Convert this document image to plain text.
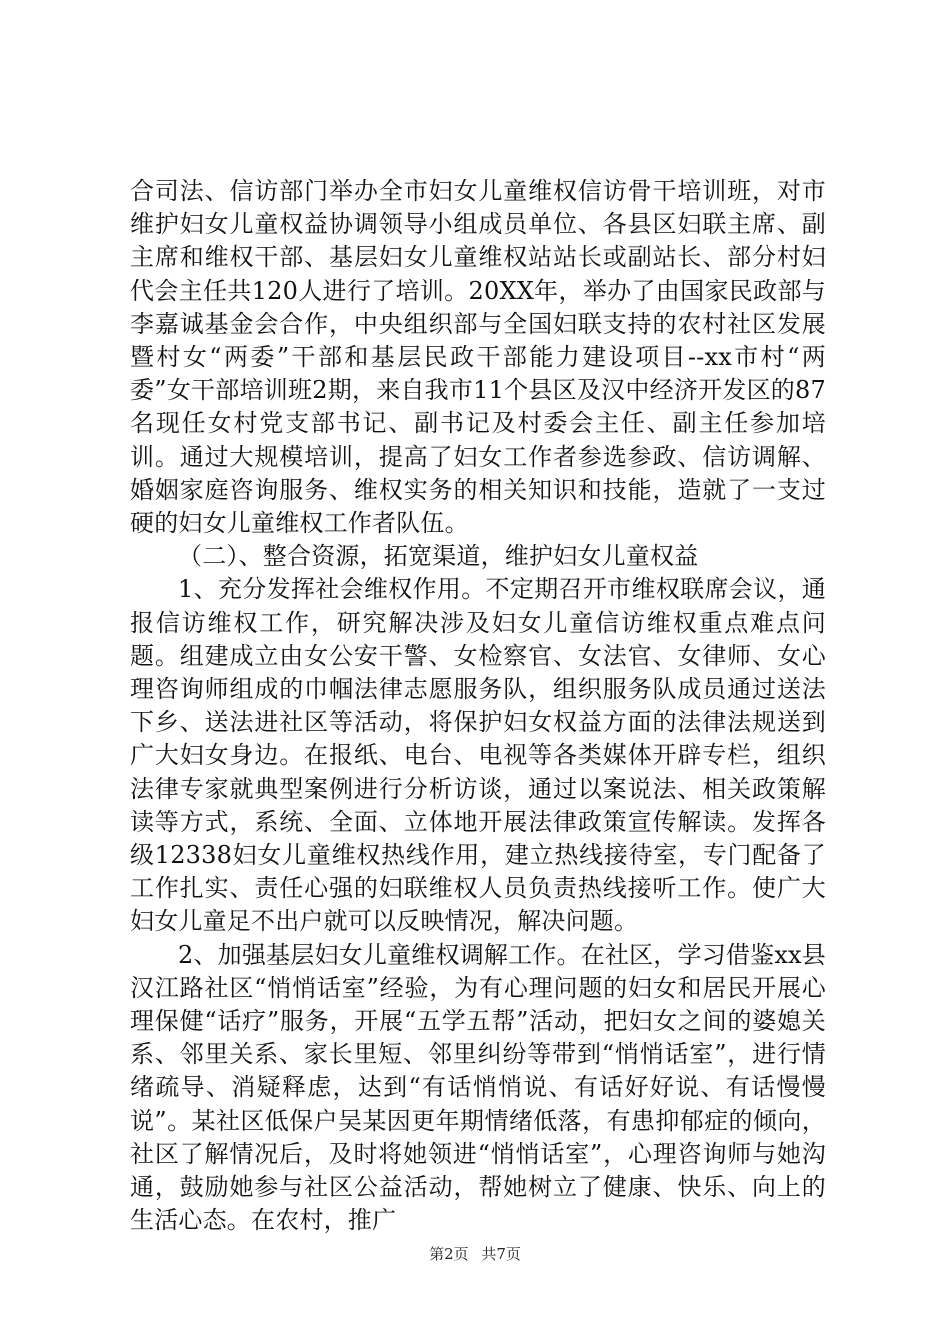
合司法、信访部门举办全市妇女儿童维权信访骨干培训班，对市维护妇女儿童权益协调领导小组成员单位、各县区妇联主席、副主席和维权干部、基层妇女儿童维权站站长或副站长、部分村妇代会主任共120人进行了培训。20XX年，举办了由国家民政部与李嘉诚基金会合作，中央组织部与全国妇联支持的农村社区发展暨村女“两委”干部和基层民政干部能力建设项目--xx市村“两委”女干部培训班2期，来自我市11个县区及汉中经济开发区的87名现任女村党支部书记、副书记及村委会主任、副主任参加培训。通过大规模培训，提高了妇女工作者参选参政、信访调解、婚姻家庭咨询服务、维权实务的相关知识和技能，造就了一支过硬的妇女儿童维权工作者队伍。

（二）、整合资源，拓宽渠道，维护妇女儿童权益

1、充分发挥社会维权作用。不定期召开市维权联席会议，通报信访维权工作，研究解决涉及妇女儿童信访维权重点难点问题。组建成立由女公安干警、女检察官、女法官、女律师、女心理咨询师组成的巾帼法律志愿服务队，组织服务队成员通过送法下乡、送法进社区等活动，将保护妇女权益方面的法律法规送到广大妇女身边。在报纸、电台、电视等各类媒体开辟专栏，组织法律专家就典型案例进行分析访谈，通过以案说法、相关政策解读等方式，系统、全面、立体地开展法律政策宣传解读。发挥各级12338妇女儿童维权热线作用，建立热线接待室，专门配备了工作扎实、责任心强的妇联维权人员负责热线接听工作。使广大妇女儿童足不出户就可以反映情况，解决问题。

2、加强基层妇女儿童维权调解工作。在社区，学习借鉴xx县汉江路社区“悄悄话室”经验，为有心理问题的妇女和居民开展心理保健“话疗”服务，开展“五学五帮”活动，把妇女之间的婆媳关系、邻里关系、家长里短、邻里纠纷等带到“悄悄话室”，进行情绪疏导、消疑释虑，达到“有话悄悄说、有话好好说、有话慢慢说”。某社区低保户吴某因更年期情绪低落，有患抑郁症的倾向，社区了解情况后，及时将她领进“悄悄话室”，心理咨询师与她沟通，鼓励她参与社区公益活动，帮她树立了健康、快乐、向上的生活心态。在农村，推广

第2页 共7页
